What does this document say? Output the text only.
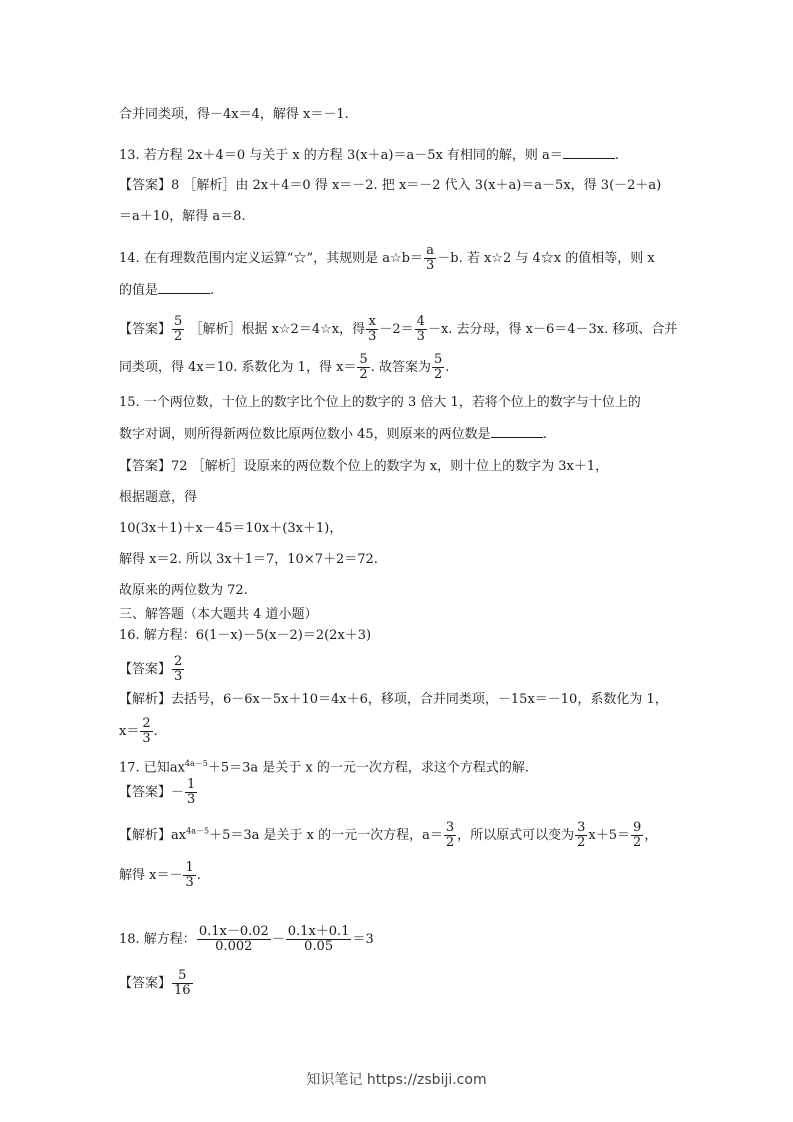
合并同类项，得－4x＝4，解得 x＝－1.
13. 若方程 2x＋4＝0 与关于 x 的方程 3(x＋a)＝a－5x 有相同的解，则 a＝	.
【答案】8 ［解析］由 2x＋4＝0 得 x＝－2. 把 x＝－2 代入 3(x＋a)＝a－5x，得 3(－2＋a)
＝a＋10，解得 a＝8.
14. 在有理数范围内定义运算“☆”，其规则是 a☆b＝ $\frac{a}{3} -b$. 若 x☆2 与 4☆x 的值相等，则 x
的值是	.
【答案】 $\frac{5}{2}$ ［解析］根据 x☆2＝4☆x，得 $\frac{x}{3} -2= \frac{4}{3} -x$. 去分母，得 x－6＝4－3x. 移项、合并
同类项，得 4x＝10. 系数化为 1，得 $x= \frac{5}{2}$ . 故答案为 $\frac{5}{2}$ .
15. 一个两位数，十位上的数字比个位上的数字的 3 倍大 1，若将个位上的数字与十位上的
数字对调，则所得新两位数比原两位数小 45，则原来的两位数是	.
【答案】72 ［解析］设原来的两位数个位上的数字为 x，则十位上的数字为 3x＋1，
根据题意，得
10(3x＋1)＋x－45＝10x＋(3x＋1)，
解得 x＝2. 所以 3x＋1＝7，10×7＋2＝72.
故原来的两位数为 72.
三、解答题（本大题共 4 道小题）
16. 解方程：6(1－x)－5(x－2)＝2(2x＋3)
【答案】 $\frac{2}{3}$
【解析】去括号，6－6x－5x＋10＝4x＋6，移项，合并同类项，－15x＝－10，系数化为 1，
$x= \frac{2}{3}$ .
17. 已知$ax^{4a-5}+5=3a$ 是关于 x 的一元一次方程，求这个方程式的解.
【答案】－ $\frac{1}{3}$
【解析】$ax^{4a-5}+5=3a$ 是关于 x 的一元一次方程，$a= \frac{3}{2}$ ，所以原式可以变为 $\frac{3}{2} x+5= \frac{9}{2}$ ，
解得 $x=- \frac{1}{3}$ .
18. 解方程： $\frac{0.1x-0.02}{0.002} - \frac{0.1x+0.1}{0.05} =3$
【答案】 $\frac{5}{16}$
知识笔记 https://zsbiji.com
